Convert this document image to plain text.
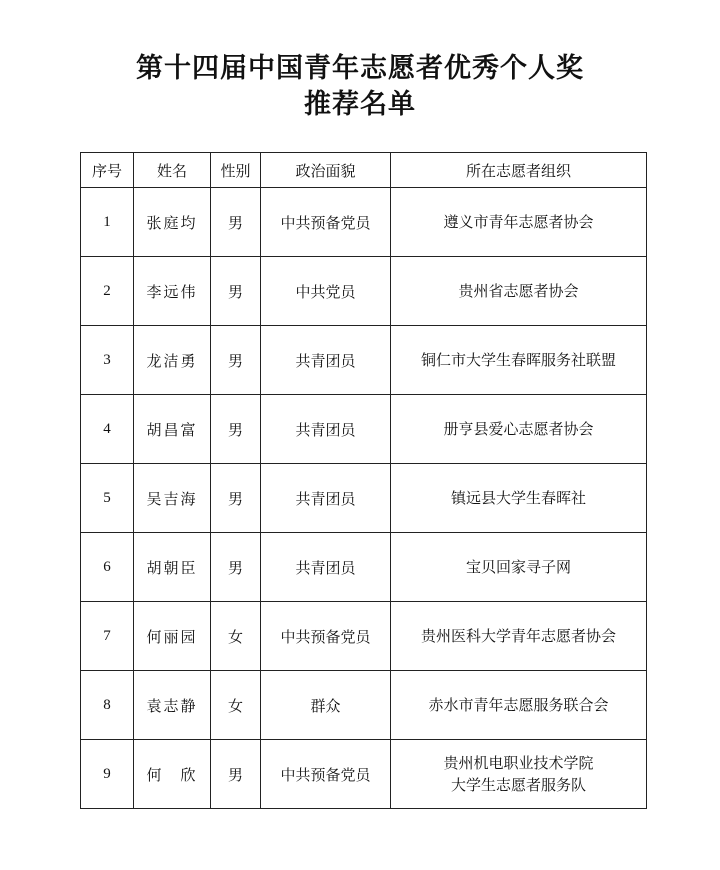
第十四届中国青年志愿者优秀个人奖
推荐名单
序号	姓名	性别	政治面貌	所在志愿者组织
1	张庭均	男	中共预备党员	遵义市青年志愿者协会

2	李远伟	男	中共党员	贵州省志愿者协会

3	龙洁勇	男	共青团员	铜仁市大学生春晖服务社联盟

4	胡昌富	男	共青团员	册亨县爱心志愿者协会

5	吴吉海	男	共青团员	镇远县大学生春晖社

6	胡朝臣	男	共青团员	宝贝回家寻子网

7	何丽园	女	中共预备党员	贵州医科大学青年志愿者协会

8	袁志静	女	群众	赤水市青年志愿服务联合会

9	何　欣	男	中共预备党员	贵州机电职业技术学院
大学生志愿者服务队
